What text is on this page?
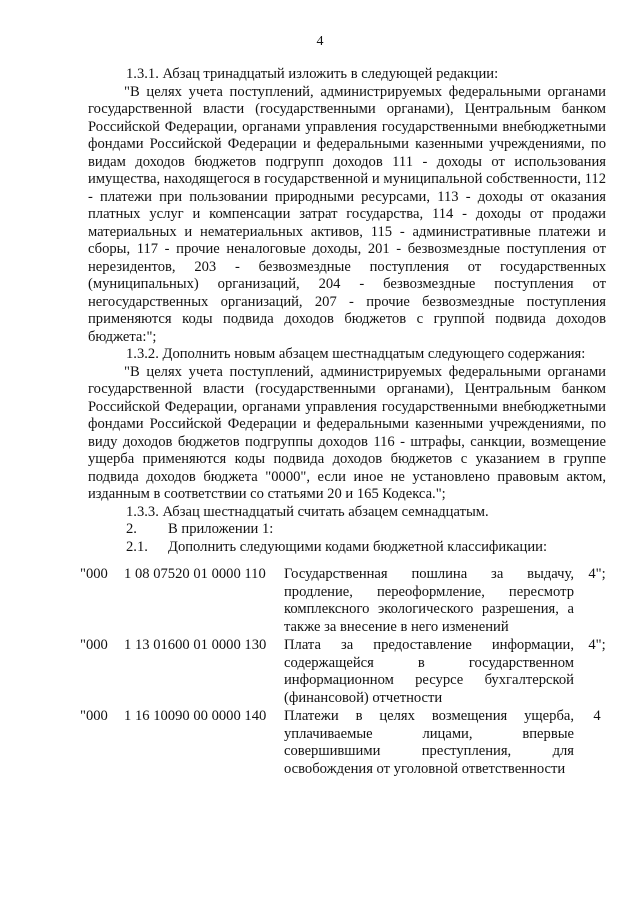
4

1.3.1. Абзац тринадцатый изложить в следующей редакции:

"В целях учета поступлений, администрируемых федеральными органами государственной власти (государственными органами), Центральным банком Российской Федерации, органами управления государственными внебюджетными фондами Российской Федерации и федеральными казенными учреждениями, по видам доходов бюджетов подгрупп доходов 111 - доходы от использования имущества, находящегося в государственной и муниципальной собственности, 112 - платежи при пользовании природными ресурсами, 113 - доходы от оказания платных услуг и компенсации затрат государства, 114 - доходы от продажи материальных и нематериальных активов, 115 - административные платежи и сборы, 117 - прочие неналоговые доходы, 201 - безвозмездные поступления от нерезидентов, 203 - безвозмездные поступления от государственных (муниципальных) организаций, 204 - безвозмездные поступления от негосударственных организаций, 207 - прочие безвозмездные поступления применяются коды подвида доходов бюджетов с группой подвида доходов бюджета:";

1.3.2. Дополнить новым абзацем шестнадцатым следующего содержания:

"В целях учета поступлений, администрируемых федеральными органами государственной власти (государственными органами), Центральным банком Российской Федерации, органами управления государственными внебюджетными фондами Российской Федерации и федеральными казенными учреждениями, по виду доходов бюджетов подгруппы доходов 116 - штрафы, санкции, возмещение ущерба применяются коды подвида доходов бюджетов с указанием в группе подвида доходов бюджета "0000", если иное не установлено правовым актом, изданным в соответствии со статьями 20 и 165 Кодекса.";

1.3.3. Абзац шестнадцатый считать абзацем семнадцатым.

2. В приложении 1:

2.1. Дополнить следующими кодами бюджетной классификации:

"000	1 08 07520 01 0000 110	Государственная пошлина за выдачу, продление, переоформление, пересмотр комплексного экологического разрешения, а также за внесение в него изменений	4";
"000	1 13 01600 01 0000 130	Плата за предоставление информации, содержащейся в государственном информационном ресурсе бухгалтерской (финансовой) отчетности	4";
"000	1 16 10090 00 0000 140	Платежи в целях возмещения ущерба, уплачиваемые лицами, впервые совершившими преступления, для освобождения от уголовной ответственности	4
